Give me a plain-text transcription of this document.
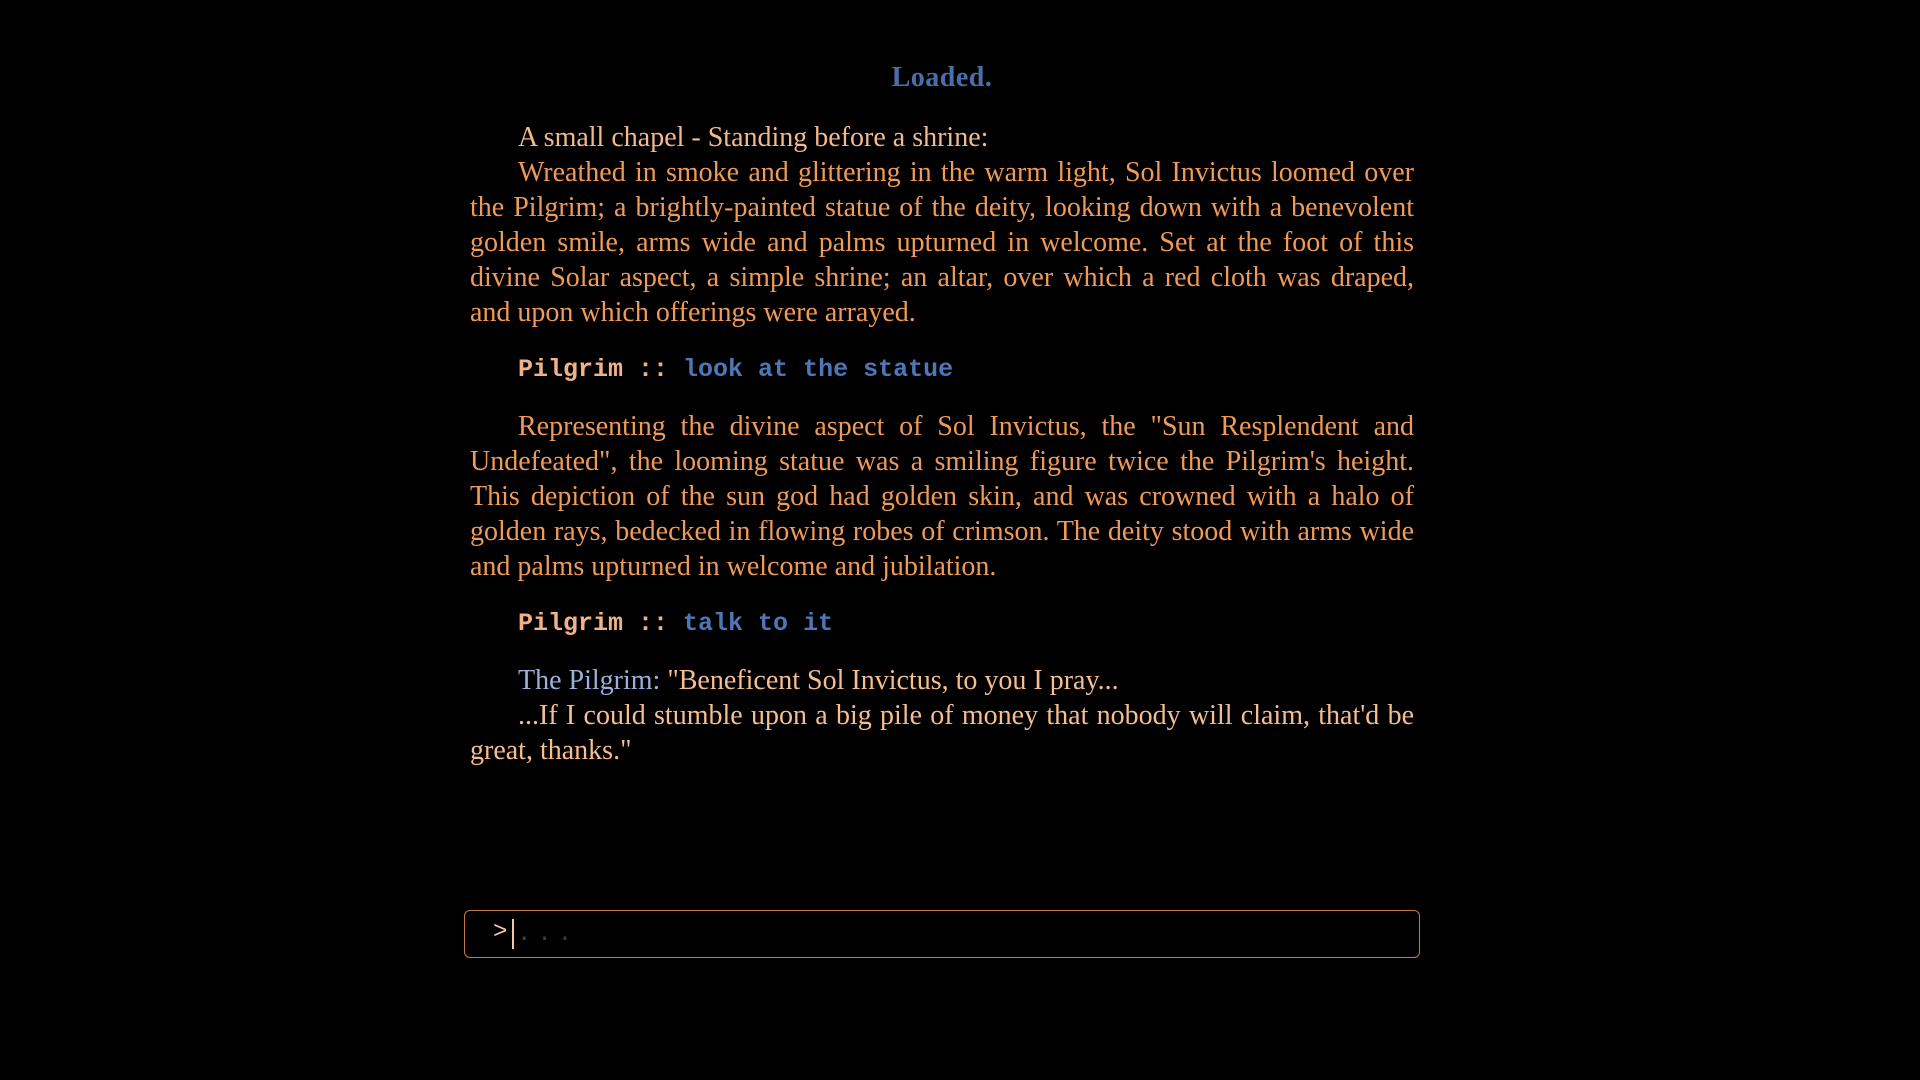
Loaded.

A small chapel - Standing before a shrine:

Wreathed in smoke and glittering in the warm light, Sol Invictus loomed over the Pilgrim; a brightly-painted statue of the deity, looking down with a benevolent golden smile, arms wide and palms upturned in welcome. Set at the foot of this divine Solar aspect, a simple shrine; an altar, over which a red cloth was draped, and upon which offerings were arrayed.

Pilgrim :: look at the statue

Representing the divine aspect of Sol Invictus, the "Sun Resplendent and Undefeated", the looming statue was a smiling figure twice the Pilgrim's height. This depiction of the sun god had golden skin, and was crowned with a halo of golden rays, bedecked in flowing robes of crimson. The deity stood with arms wide and palms upturned in welcome and jubilation.

Pilgrim :: talk to it

The Pilgrim: "Beneficent Sol Invictus, to you I pray...

...If I could stumble upon a big pile of money that nobody will claim, that'd be great, thanks."

>
...
